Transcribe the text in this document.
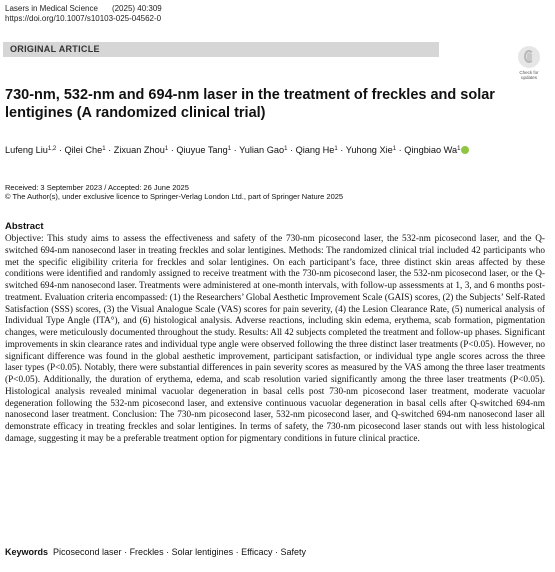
Lasers in Medical Science (2025) 40:309
https://doi.org/10.1007/s10103-025-04562-0
ORIGINAL ARTICLE
Check for
updates
730-nm, 532-nm and 694-nm laser in the treatment of freckles and solar lentigines (A randomized clinical trial)
Lufeng Liu$^{1,2}$ · Qilei Che$^1$ · Zixuan Zhou$^1$ · Qiuyue Tang$^1$ · Yulian Gao$^1$ · Qiang $He^1$ · Yuhong Xie$^1$ · Qingbiao Wa$^1$
Received: 3 September 2023 / Accepted: 26 June 2025
© The Author(s), under exclusive licence to Springer-Verlag London Ltd., part of Springer Nature 2025
Abstract

Objective: This study aims to assess the effectiveness and safety of the 730-nm picosecond laser, the 532-nm picosecond laser, and the Q-switched 694-nm nanosecond laser in treating freckles and solar lentigines. Methods: The randomized clinical trial included 42 participants who met the specific eligibility criteria for freckles and solar lentigines. On each participant’s face, three distinct skin areas affected by these conditions were identified and randomly assigned to receive treatment with the 730-nm picosecond laser, the 532-nm picosecond laser, or the Q-switched 694-nm nanosecond laser. Treatments were administered at one-month intervals, with follow-up assessments at 1, 3, and 6 months post-treatment. Evaluation criteria encompassed: (1) the Researchers’ Global Aesthetic Improvement Scale (GAIS) scores, (2) the Subjects’ Self-Rated Satisfaction (SSS) scores, (3) the Visual Analogue Scale (VAS) scores for pain severity, (4) the Lesion Clearance Rate, (5) numerical analysis of Individual Type Angle (ITA°), and (6) histological analysis. Adverse reactions, including skin edema, erythema, scab formation, pigmentation changes, were meticulously documented throughout the study. Results: All 42 subjects completed the treatment and follow-up phases. Significant improvements in skin clearance rates and individual type angle were observed following the three distinct laser treatments (P<0.05). However, no significant difference was found in the global aesthetic improvement, participant satisfaction, or individual type angle scores across the three laser types (P<0.05). Notably, there were substantial differences in pain severity scores as measured by the VAS among the three laser treatments (P<0.05). Additionally, the duration of erythema, edema, and scab resolution varied significantly among the three laser treatments (P<0.05). Histological analysis revealed minimal vacuolar degeneration in basal cells post 730-nm picosecond laser treatment, moderate vacuolar degeneration following the 532-nm picosecond laser, and extensive continuous vacuolar degeneration in basal cells after Q-switched 694-nm nanosecond laser treatment. Conclusion: The 730-nm picosecond laser, 532-nm picosecond laser, and Q-switched 694-nm nanosecond laser all demonstrate efficacy in treating freckles and solar lentigines. In terms of safety, the 730-nm picosecond laser stands out with less histological damage, suggesting it may be a preferable treatment option for pigmentary conditions in future clinical practice.

Keywords Picosecond laser · Freckles · Solar lentigines · Efficacy · Safety
